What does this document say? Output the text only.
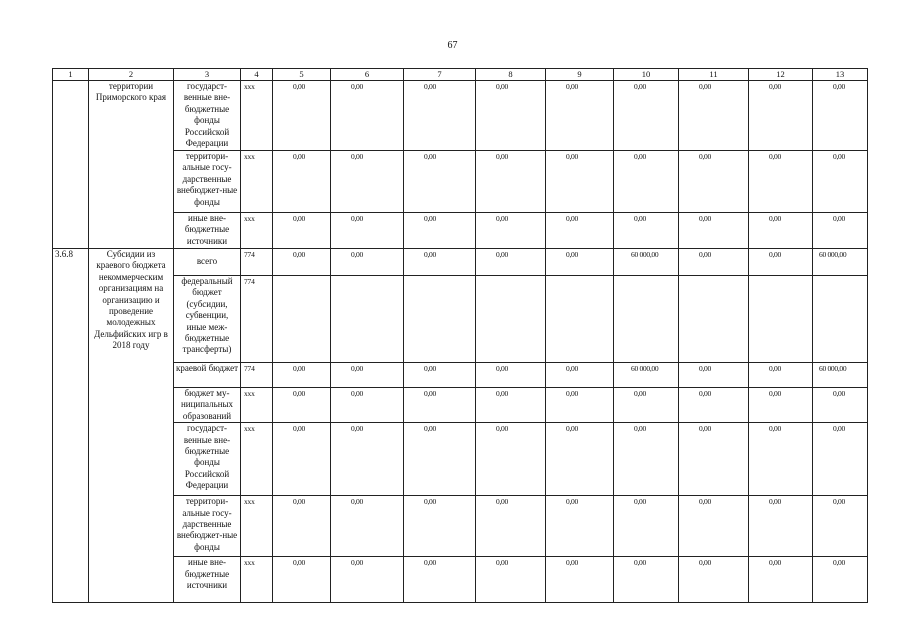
67
1	2	3	4	5	6	7	8	9	10	11	12	13
	территории Приморского края	государст-венные вне-бюджетные фонды Российской Федерации	xxx	0,00	0,00	0,00	0,00	0,00	0,00	0,00	0,00	0,00
		территори-альные госу-дарственные внебюджет-ные фонды	xxx	0,00	0,00	0,00	0,00	0,00	0,00	0,00	0,00	0,00
		иные вне-бюджетные источники	xxx	0,00	0,00	0,00	0,00	0,00	0,00	0,00	0,00	0,00
3.6.8	Субсидии из краевого бюджета некоммерческим организациям на организацию и проведение молодежных Дельфийских игр в 2018 году	всего	774	0,00	0,00	0,00	0,00	0,00	60 000,00	0,00	0,00	60 000,00
		федеральный бюджет (субсидии, субвенции, иные меж-бюджетные трансферты)	774									
		краевой бюджет	774	0,00	0,00	0,00	0,00	0,00	60 000,00	0,00	0,00	60 000,00
		бюджет му-ниципальных образований	xxx	0,00	0,00	0,00	0,00	0,00	0,00	0,00	0,00	0,00
		государст-венные вне-бюджетные фонды Российской Федерации	xxx	0,00	0,00	0,00	0,00	0,00	0,00	0,00	0,00	0,00
		территори-альные госу-дарственные внебюджет-ные фонды	xxx	0,00	0,00	0,00	0,00	0,00	0,00	0,00	0,00	0,00
		иные вне-бюджетные источники	xxx	0,00	0,00	0,00	0,00	0,00	0,00	0,00	0,00	0,00
